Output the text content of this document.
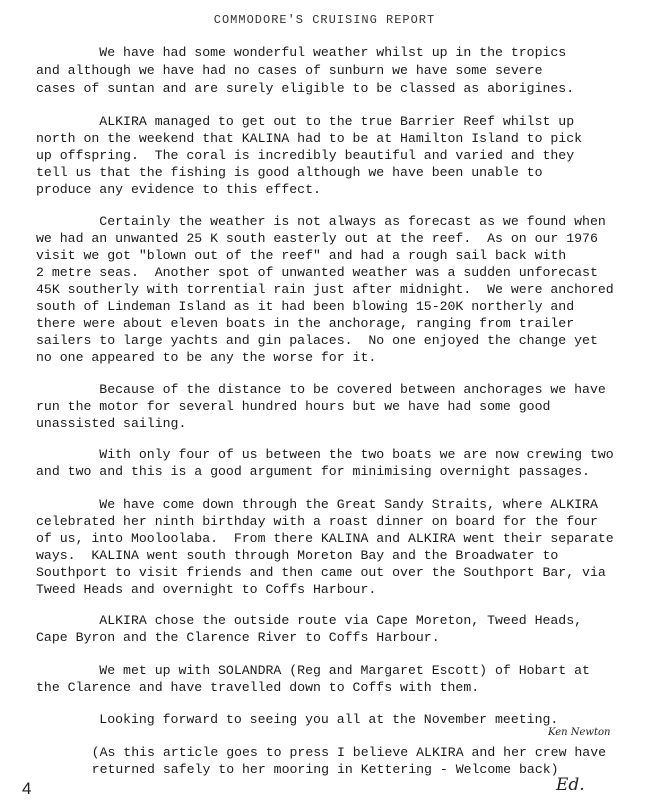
COMMODORE'S CRUISING REPORT
We have had some wonderful weather whilst up in the tropics
and although we have had no cases of sunburn we have some severe
cases of suntan and are surely eligible to be classed as aborigines.
ALKIRA managed to get out to the true Barrier Reef whilst up
north on the weekend that KALINA had to be at Hamilton Island to pick
up offspring.  The coral is incredibly beautiful and varied and they
tell us that the fishing is good although we have been unable to
produce any evidence to this effect.
Certainly the weather is not always as forecast as we found when
we had an unwanted 25 K south easterly out at the reef.  As on our 1976
visit we got "blown out of the reef" and had a rough sail back with
2 metre seas.  Another spot of unwanted weather was a sudden unforecast
45K southerly with torrential rain just after midnight.  We were anchored
south of Lindeman Island as it had been blowing 15-20K northerly and
there were about eleven boats in the anchorage, ranging from trailer
sailers to large yachts and gin palaces.  No one enjoyed the change yet
no one appeared to be any the worse for it.
Because of the distance to be covered between anchorages we have
run the motor for several hundred hours but we have had some good
unassisted sailing.
With only four of us between the two boats we are now crewing two
and two and this is a good argument for minimising overnight passages.
We have come down through the Great Sandy Straits, where ALKIRA
celebrated her ninth birthday with a roast dinner on board for the four
of us, into Mooloolaba.  From there KALINA and ALKIRA went their separate
ways.  KALINA went south through Moreton Bay and the Broadwater to
Southport to visit friends and then came out over the Southport Bar, via
Tweed Heads and overnight to Coffs Harbour.
ALKIRA chose the outside route via Cape Moreton, Tweed Heads,
Cape Byron and the Clarence River to Coffs Harbour.
We met up with SOLANDRA (Reg and Margaret Escott) of Hobart at
the Clarence and have travelled down to Coffs with them.
Looking forward to seeing you all at the November meeting.
Ken Newton
(As this article goes to press I believe ALKIRA and her crew have
returned safely to her mooring in Kettering - Welcome back)
Ed.
4
